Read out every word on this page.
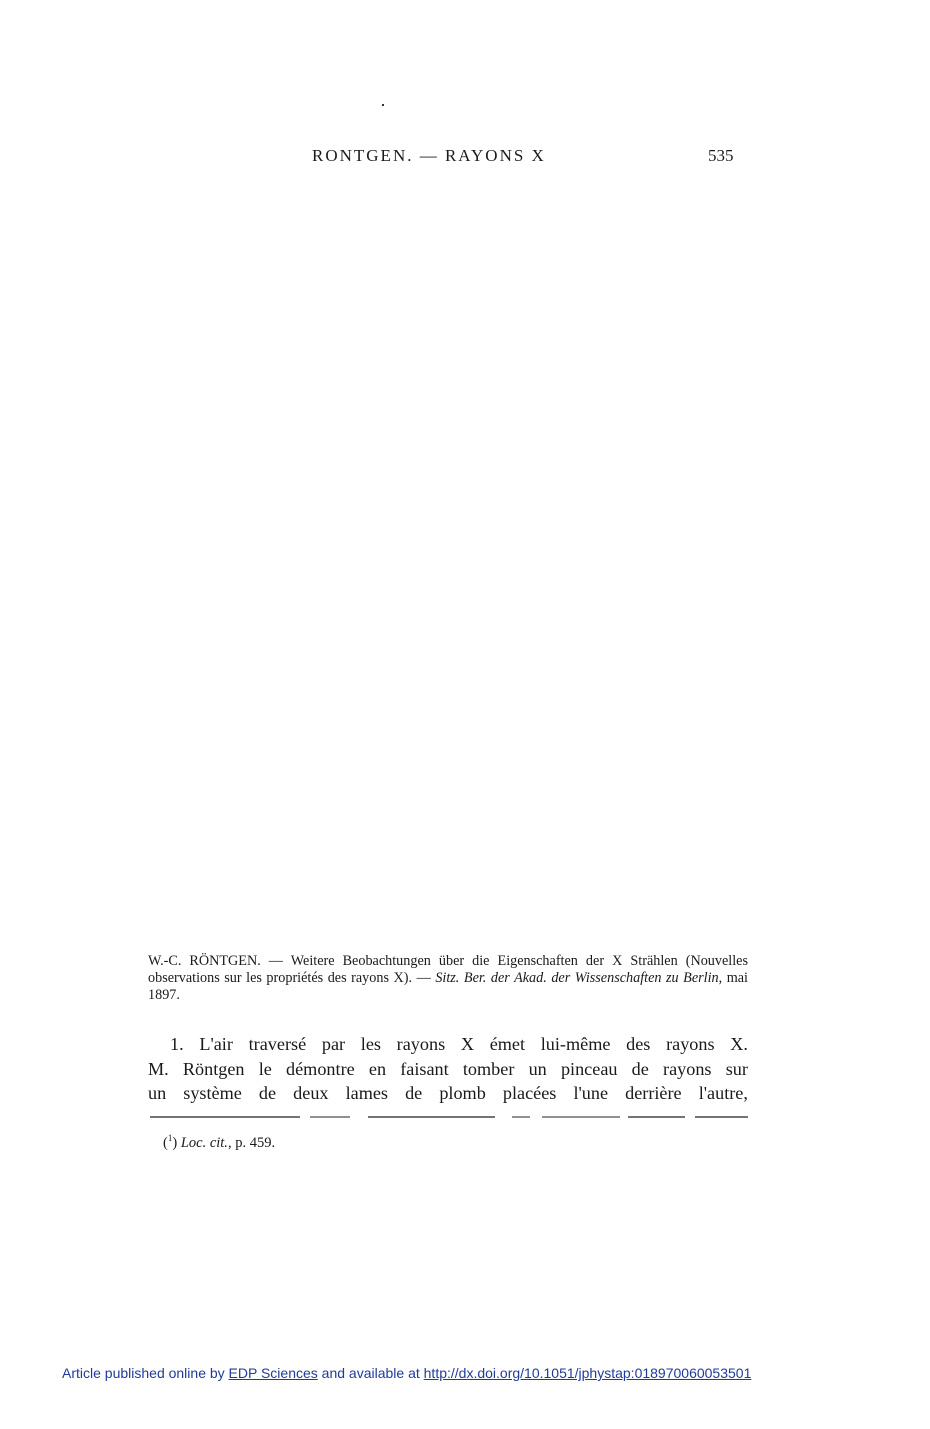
RONTGEN. — RAYONS X	535
W.-C. RÖNTGEN. — Weitere Beobachtungen über die Eigenschaften der X Strählen (Nouvelles observations sur les propriétés des rayons X). — Sitz. Ber. der Akad. der Wissenschaften zu Berlin, mai 1897.
1. L'air traversé par les rayons X émet lui-même des rayons X.
M. Röntgen le démontre en faisant tomber un pinceau de rayons sur
un système de deux lames de plomb placées l'une derrière l'autre,
($^1$) Loc. cit., p. 459.
Article published online by EDP Sciences and available at http://dx.doi.org/10.1051/jphystap:018970060053501
